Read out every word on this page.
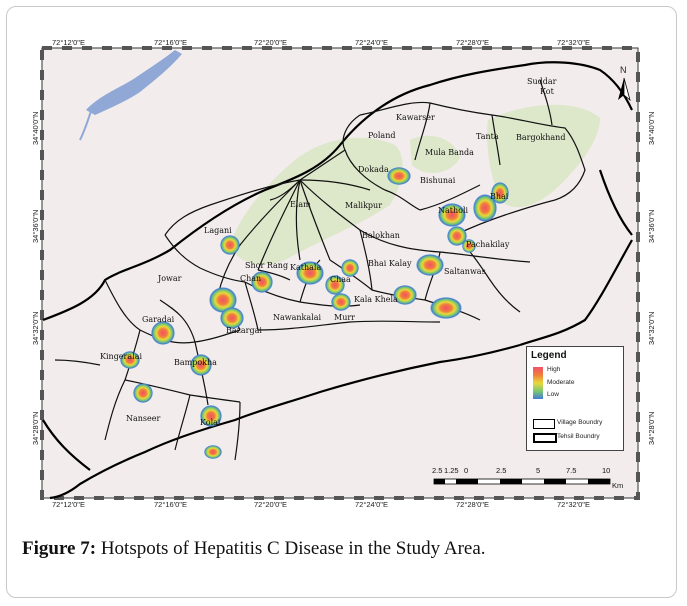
72°12'0"E	72°16'0"E	72°20'0"E	72°24'0"E	72°28'0"E	72°32'0"E
72°12'0"E	72°16'0"E	72°20'0"E	72°24'0"E	72°28'0"E	72°32'0"E
34°40'0"N
34°36'0"N
34°32'0"N
34°28'0"N
34°40'0"N
34°36'0"N
34°32'0"N
34°28'0"N
Suddar
Kot
Kawarser
Poland	Tanta Bargokhand
Mula Banda
Dokada
Bishunai
Natholi
Bhai
Elam	Malikpur
Lagani
Balokhan
Pachakilay
Shor Rang Kathala	Bhai Kalay
Saltanwas
Chan
Jowar	Chaa
Kala Khela
Garadai	Nawankalai Murr
Bazargai
Kingeralai
Bampokha
Nanseer	Kolai
N
Legend
High
Moderate
Low
Village Boundry
Tehsil Boundry
2.5 1.25 0	2.5	5	7.5	10
Km
Figure 7: Hotspots of Hepatitis C Disease in the Study Area.
